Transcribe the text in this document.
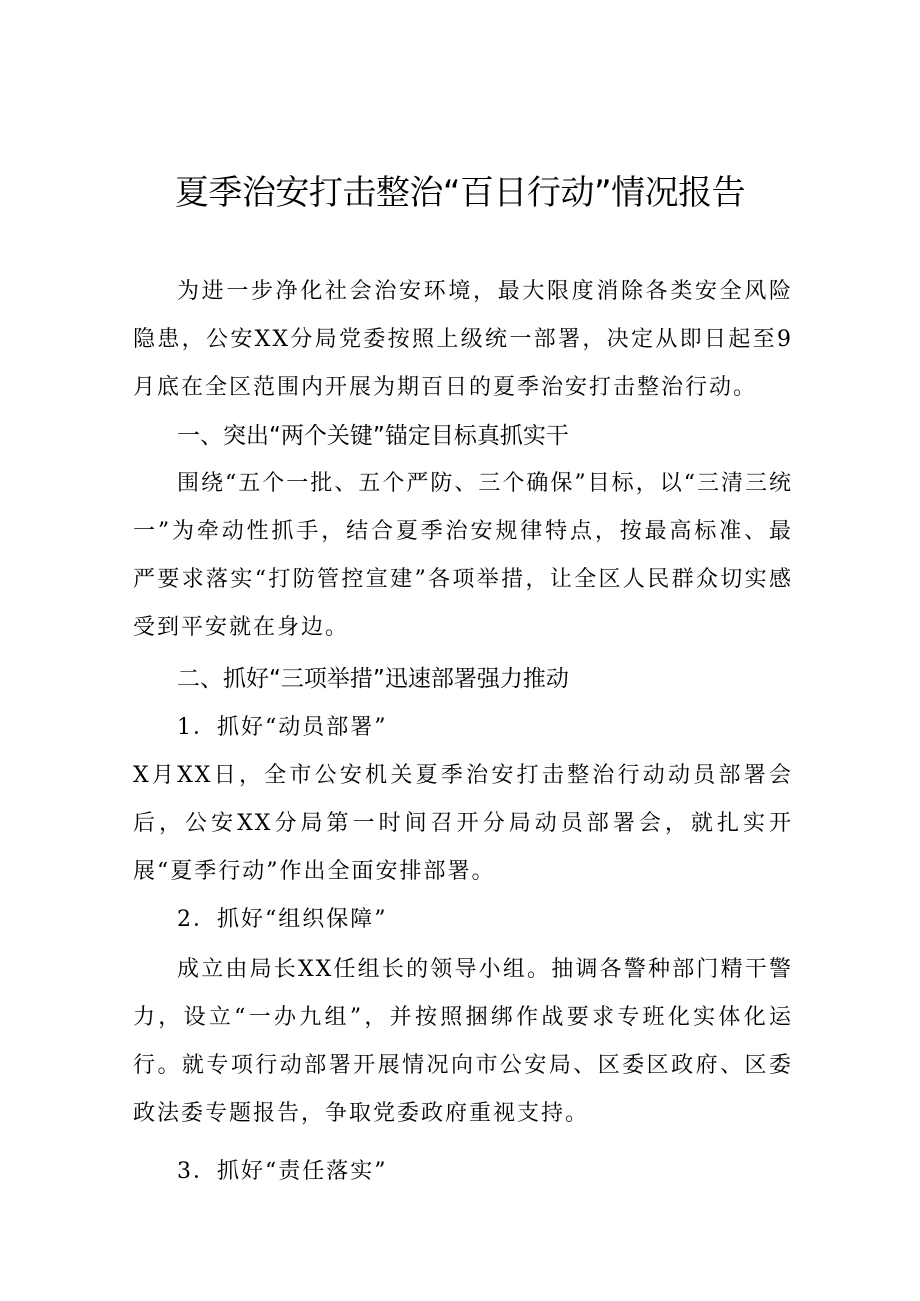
夏季治安打击整治“百日行动”情况报告
为进一步净化社会治安环境，最大限度消除各类安全风险隐患，公安XX分局党委按照上级统一部署，决定从即日起至9月底在全区范围内开展为期百日的夏季治安打击整治行动。
一、突出“两个关键”锚定目标真抓实干
围绕“五个一批、五个严防、三个确保”目标，以“三清三统一”为牵动性抓手，结合夏季治安规律特点，按最高标准、最严要求落实“打防管控宣建”各项举措，让全区人民群众切实感受到平安就在身边。
二、抓好“三项举措”迅速部署强力推动
1．抓好“动员部署”
X月XX日，全市公安机关夏季治安打击整治行动动员部署会后，公安XX分局第一时间召开分局动员部署会，就扎实开展“夏季行动”作出全面安排部署。
2．抓好“组织保障”
成立由局长XX任组长的领导小组。抽调各警种部门精干警力，设立“一办九组”，并按照捆绑作战要求专班化实体化运行。就专项行动部署开展情况向市公安局、区委区政府、区委政法委专题报告，争取党委政府重视支持。
3．抓好“责任落实”
